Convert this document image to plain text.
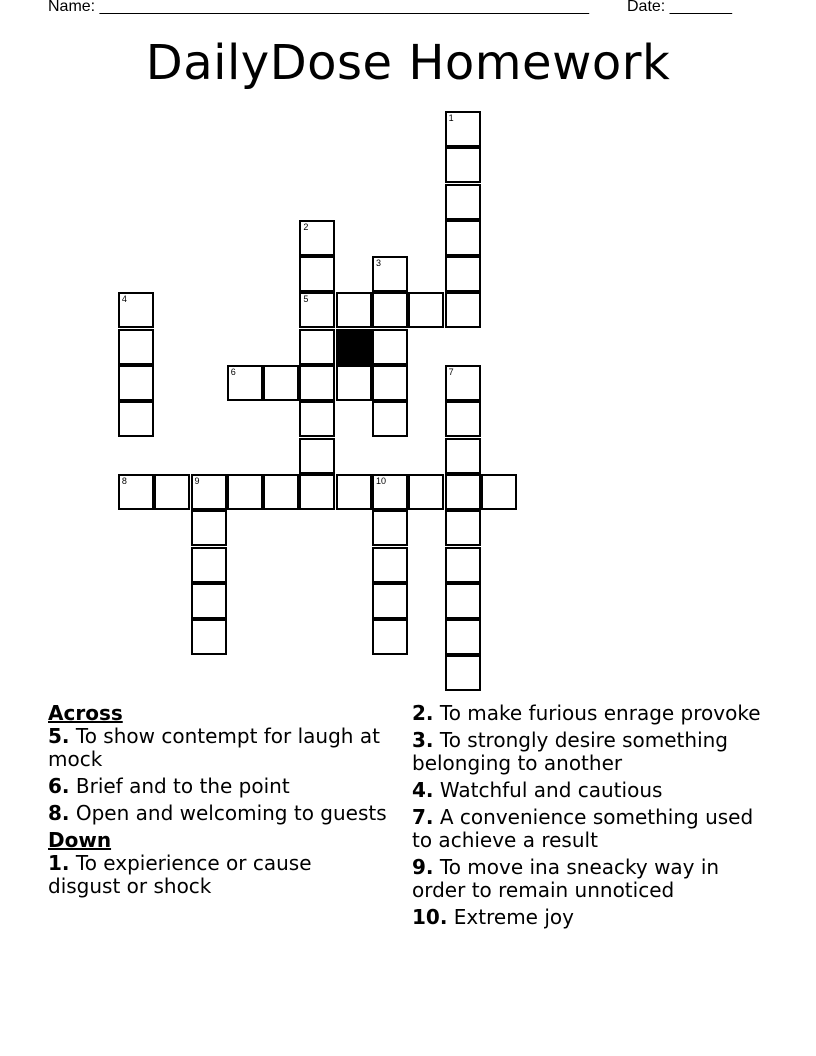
Name: _______________________________________________________ Date: _______
DailyDose Homework
1
2
5
3
4
6	7
8	9	10

Across

5. To show contempt for laugh at mock

6. Brief and to the point

8. Open and welcoming to guests

Down

1. To expierience or cause disgust or shock

2. To make furious enrage provoke

3. To strongly desire something belonging to another

4. Watchful and cautious

7. A convenience something used to achieve a result

9. To move ina sneacky way in order to remain unnoticed

10. Extreme joy
